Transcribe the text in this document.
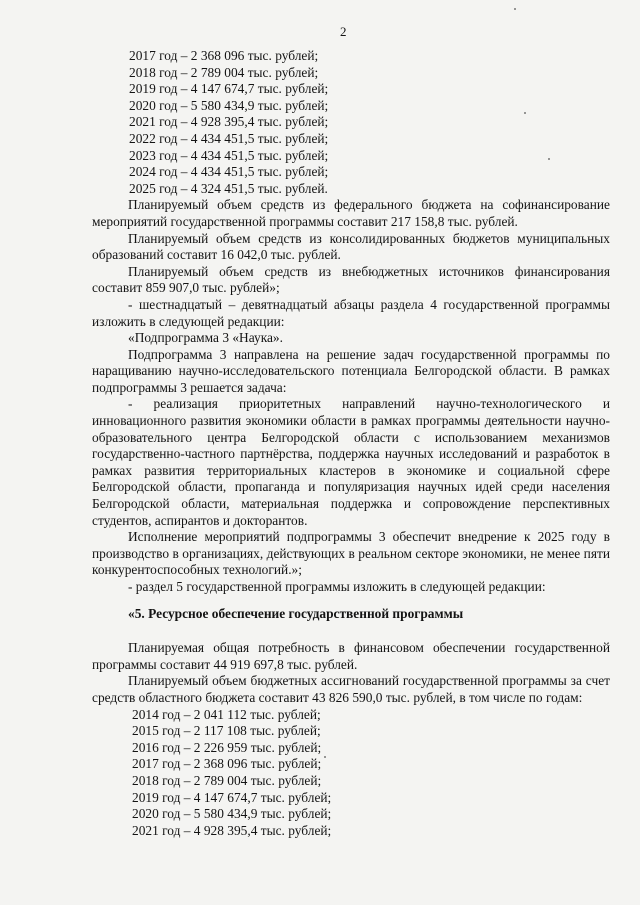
2
2017 год – 2 368 096 тыс. рублей;
2018 год – 2 789 004 тыс. рублей;
2019 год – 4 147 674,7 тыс. рублей;
2020 год – 5 580 434,9 тыс. рублей;
2021 год – 4 928 395,4 тыс. рублей;
2022 год – 4 434 451,5 тыс. рублей;
2023 год – 4 434 451,5 тыс. рублей;
2024 год – 4 434 451,5 тыс. рублей;
2025 год – 4 324 451,5 тыс. рублей.
Планируемый объем средств из федерального бюджета на софинансирование мероприятий государственной программы составит 217 158,8 тыс. рублей.
Планируемый объем средств из консолидированных бюджетов муниципальных образований составит 16 042,0 тыс. рублей.
Планируемый объем средств из внебюджетных источников финансирования составит 859 907,0 тыс. рублей»;
- шестнадцатый – девятнадцатый абзацы раздела 4 государственной программы изложить в следующей редакции:
«Подпрограмма 3 «Наука».
Подпрограмма 3 направлена на решение задач государственной программы по наращиванию научно-исследовательского потенциала Белгородской области. В рамках подпрограммы 3 решается задача:
- реализация приоритетных направлений научно-технологического и инновационного развития экономики области в рамках программы деятельности научно-образовательного центра Белгородской области с использованием механизмов государственно-частного партнёрства, поддержка научных исследований и разработок в рамках развития территориальных кластеров в экономике и социальной сфере Белгородской области, пропаганда и популяризация научных идей среди населения Белгородской области, материальная поддержка и сопровождение перспективных студентов, аспирантов и докторантов.
Исполнение мероприятий подпрограммы 3 обеспечит внедрение к 2025 году в производство в организациях, действующих в реальном секторе экономики, не менее пяти конкурентоспособных технологий.»;
- раздел 5 государственной программы изложить в следующей редакции:
«5. Ресурсное обеспечение государственной программы
Планируемая общая потребность в финансовом обеспечении государственной программы составит 44 919 697,8 тыс. рублей.
Планируемый объем бюджетных ассигнований государственной программы за счет средств областного бюджета составит 43 826 590,0 тыс. рублей, в том числе по годам:
2014 год – 2 041 112 тыс. рублей;
2015 год – 2 117 108 тыс. рублей;
2016 год – 2 226 959 тыс. рублей;
2017 год – 2 368 096 тыс. рублей;
2018 год – 2 789 004 тыс. рублей;
2019 год – 4 147 674,7 тыс. рублей;
2020 год – 5 580 434,9 тыс. рублей;
2021 год – 4 928 395,4 тыс. рублей;
